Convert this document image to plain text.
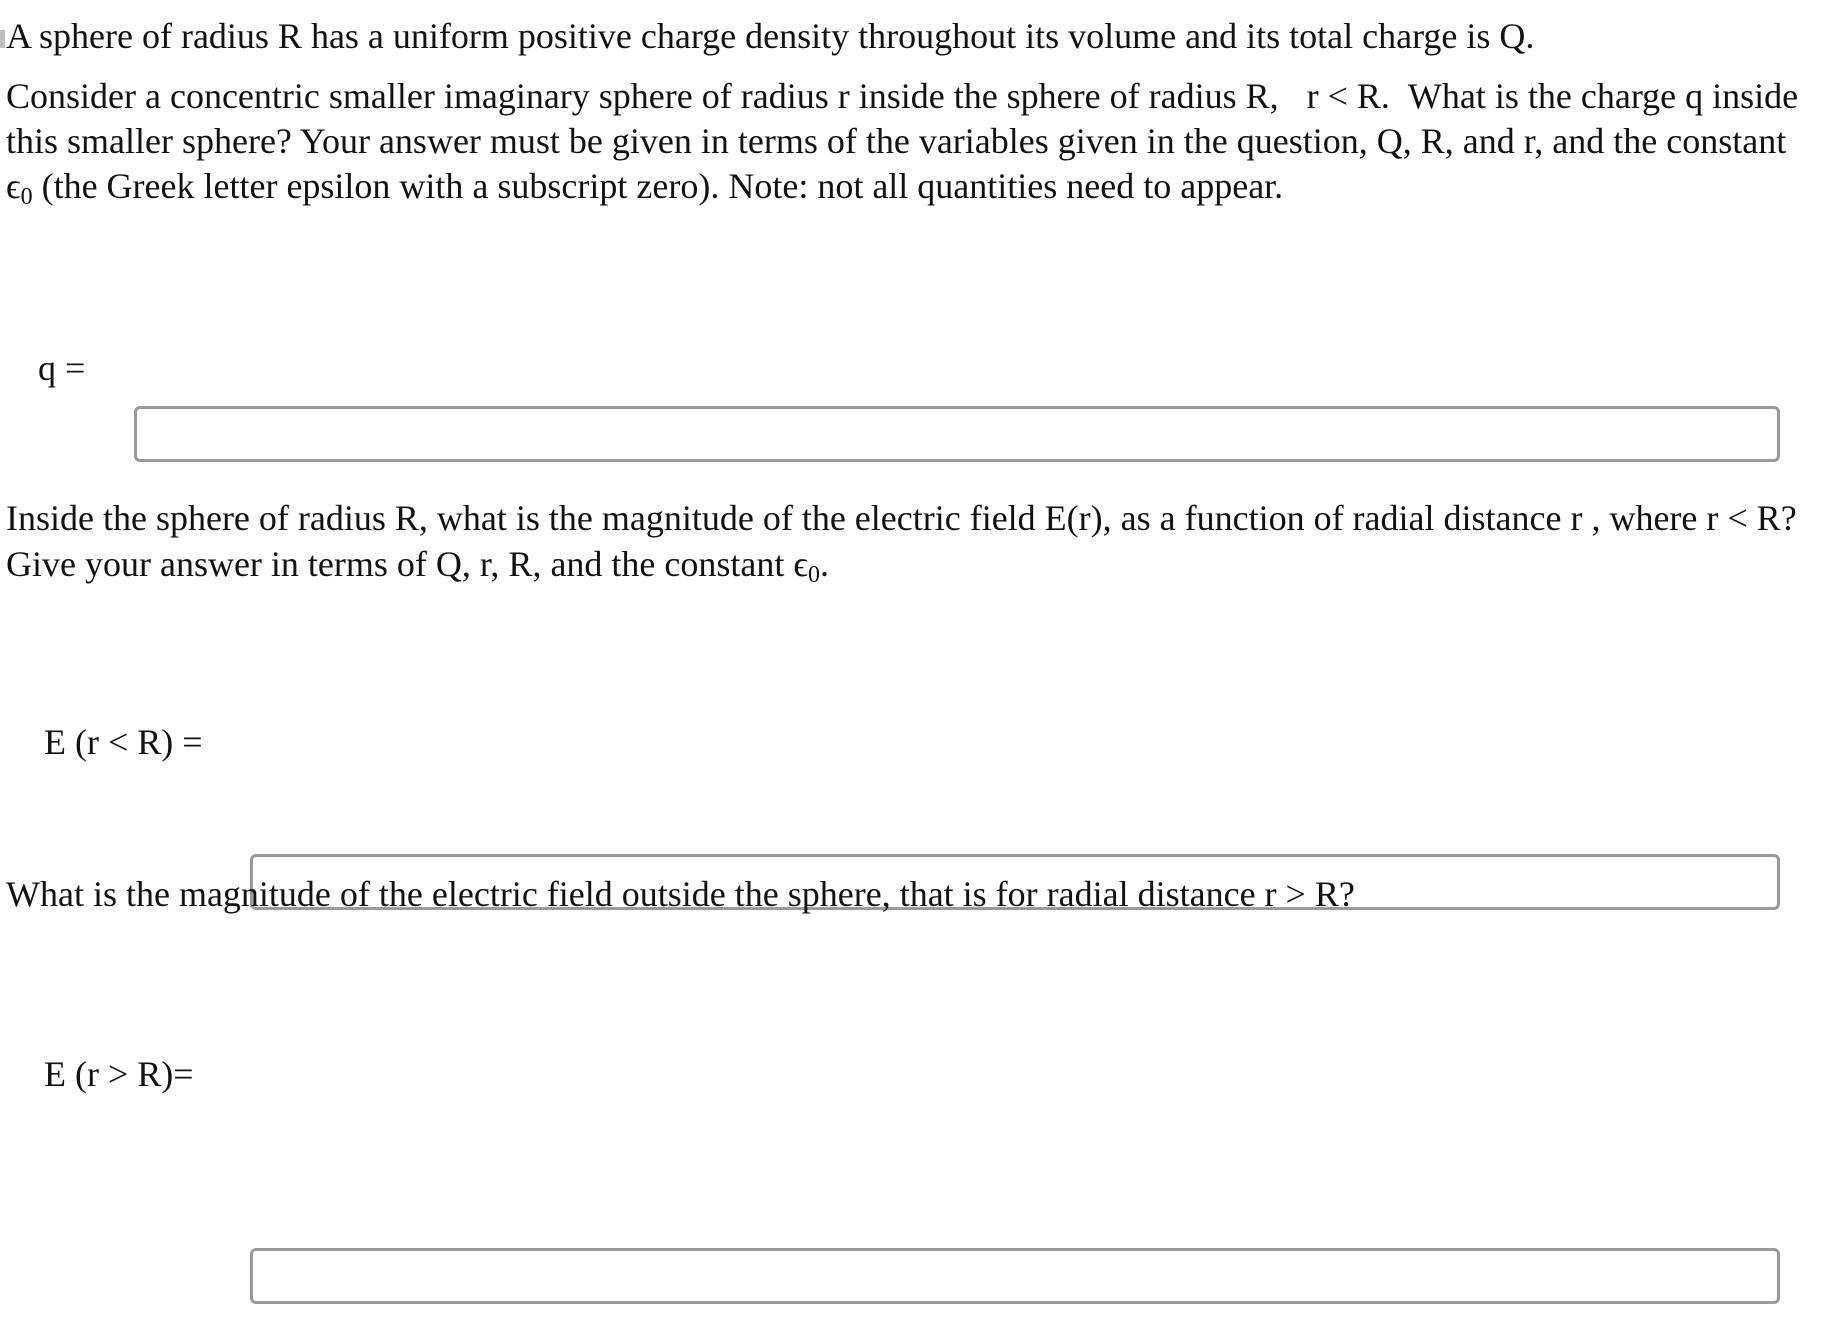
A sphere of radius R has a uniform positive charge density throughout its volume and its total charge is Q.
Consider a concentric smaller imaginary sphere of radius r inside the sphere of radius R, r < R. What is the charge q inside
this smaller sphere? Your answer must be given in terms of the variables given in the question, Q, R, and r, and the constant
ϵ0 (the Greek letter epsilon with a subscript zero). Note: not all quantities need to appear.
q =
Inside the sphere of radius R, what is the magnitude of the electric field E(r), as a function of radial distance r , where r < R?
Give your answer in terms of Q, r, R, and the constant ϵ0.
E (r < R) =
What is the magnitude of the electric field outside the sphere, that is for radial distance r > R?
E (r > R)=
